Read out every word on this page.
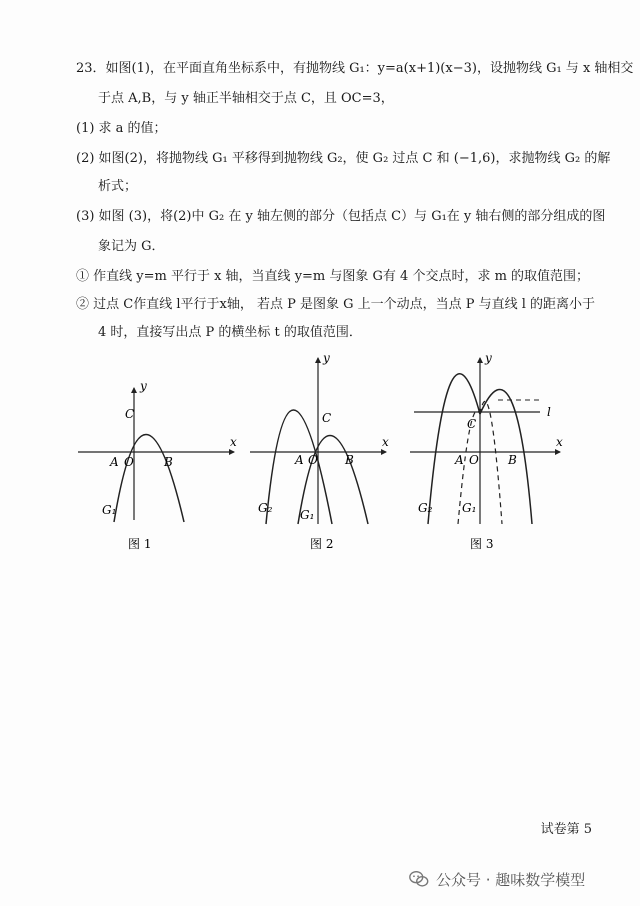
23．如图(1)，在平面直角坐标系中，有抛物线 G₁：y=a(x+1)(x−3)，设抛物线 G₁ 与 x 轴相交
于点 A,B，与 y 轴正半轴相交于点 C，且 OC=3，
(1) 求 a 的值；
(2) 如图(2)，将抛物线 G₁ 平移得到抛物线 G₂，使 G₂ 过点 C 和 (−1,6)，求抛物线 G₂ 的解
析式；
(3) 如图 (3)，将(2)中 G₂ 在 y 轴左侧的部分（包括点 C）与 G₁在 y 轴右侧的部分组成的图
象记为 G．
① 作直线 y=m 平行于 x 轴，当直线 y=m 与图象 G有 4 个交点时，求 m 的取值范围；
② 过点 C作直线 l平行于x轴， 若点 P 是图象 G 上一个动点，当点 P 与直线 l 的距离小于
4 时，直接写出点 P 的横坐标 t 的取值范围．
x
y
C
A O	B
G₁
图 1
x
y
C
A O B
G₂ G₁
图 2
l
x
y
C
A O B
G₂ G₁
图 3
试卷第 5
公众号 · 趣味数学模型
